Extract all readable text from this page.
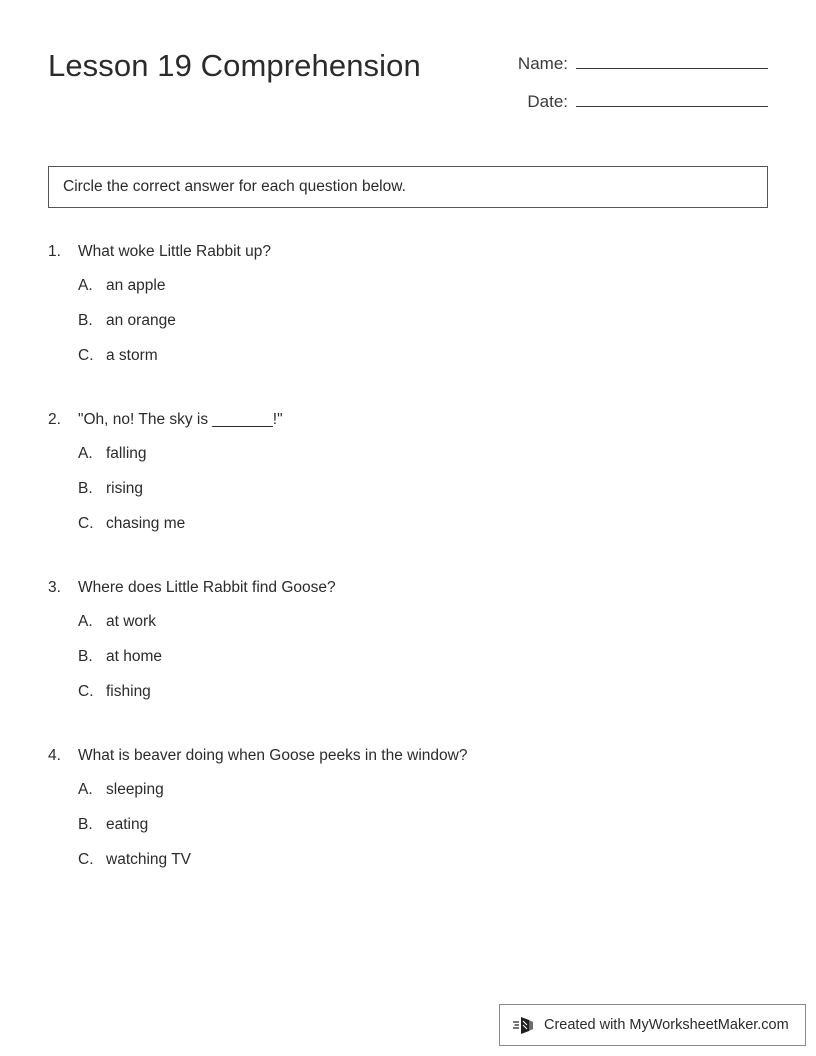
Lesson 19 Comprehension	Name:
Date:
Circle the correct answer for each question below.
1.	What woke Little Rabbit up?
A. an apple
B. an orange
C. a storm
2.	"Oh, no! The sky is _______!"
A. falling
B. rising
C. chasing me
3.	Where does Little Rabbit find Goose?
A. at work
B. at home
C. fishing
4.	What is beaver doing when Goose peeks in the window?
A. sleeping
B. eating
C. watching TV
Created with MyWorksheetMaker.com
